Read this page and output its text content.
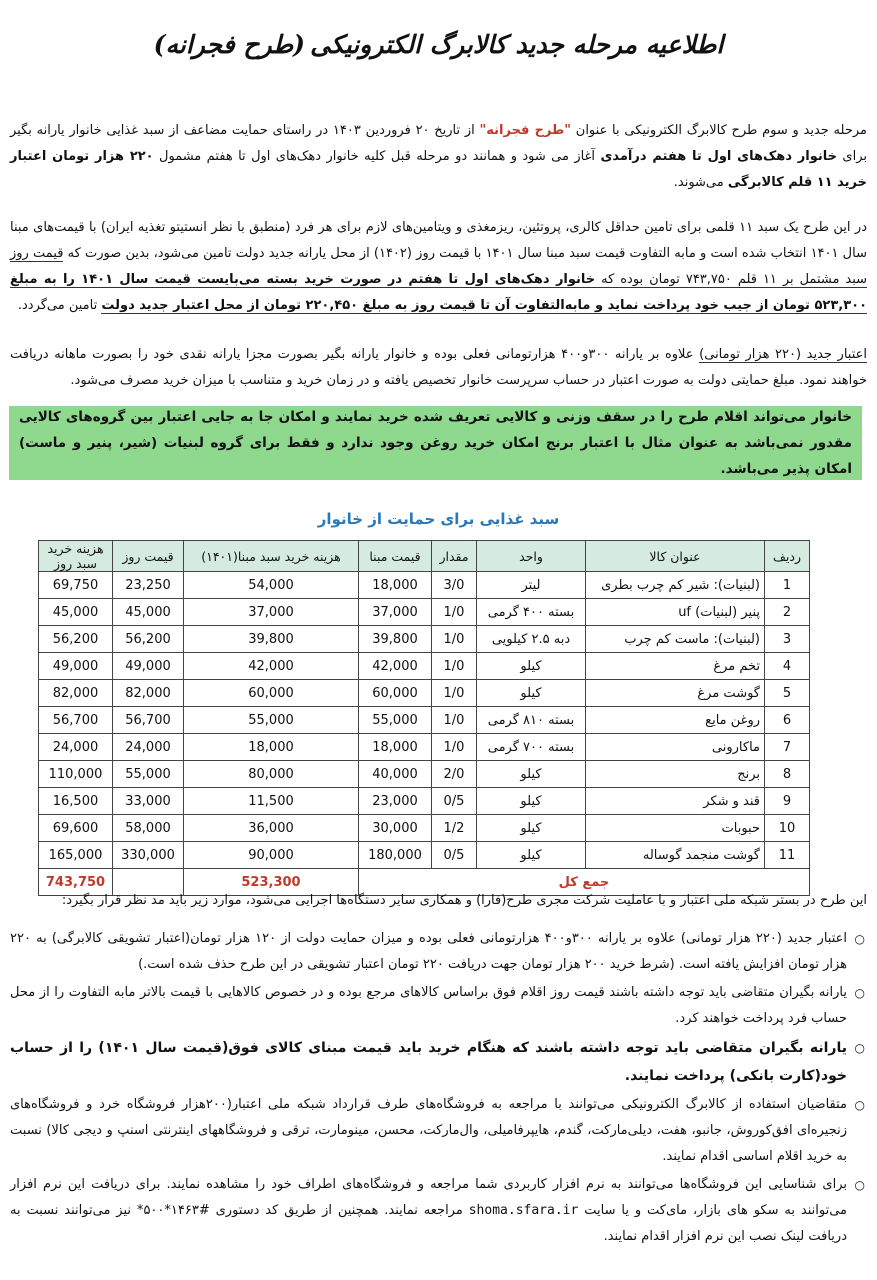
اطلاعیه مرحله جدید کالابرگ الکترونیکی (طرح فجرانه)
مرحله جدید و سوم طرح کالابرگ الکترونیکی با عنوان "طرح فجرانه" از تاریخ ۲۰ فروردین ۱۴۰۳ در راستای حمایت مضاعف از سبد غذایی خانوار یارانه بگیر برای خانوار دهک‌های اول تا هفتم درآمدی آغاز می شود و همانند دو مرحله قبل کلیه خانوار دهک‌های اول تا هفتم مشمول ۲۲۰ هزار تومان اعتبار خرید ۱۱ قلم کالابرگی می‌شوند.
در این طرح یک سبد ۱۱ قلمی برای تامین حداقل کالری، پروتئین، ریزمغذی و ویتامین‌های لازم برای هر فرد (منطبق با نظر انستیتو تغذیه ایران) با قیمت‌های مبنا سال ۱۴۰۱ انتخاب شده است و مابه التفاوت قیمت سبد مبنا سال ۱۴۰۱ با قیمت روز (۱۴۰۲) از محل یارانه جدید دولت تامین می‌شود، بدین صورت که قیمت روز سبد مشتمل بر ۱۱ قلم ۷۴۳,۷۵۰ تومان بوده که خانوار دهک‌های اول تا هفتم در صورت خرید بسته می‌بایست قیمت سال ۱۴۰۱ را به مبلغ ۵۲۳,۳۰۰ تومان از جیب خود پرداخت نماید و مابه‌التفاوت آن تا قیمت روز به مبلغ ۲۲۰,۴۵۰ تومان از محل اعتبار جدید دولت تامین می‌گردد.
اعتبار جدید (۲۲۰ هزار تومانی) علاوه بر یارانه ۳۰۰و۴۰۰ هزارتومانی فعلی بوده و خانوار یارانه بگیر بصورت مجزا یارانه نقدی خود را بصورت ماهانه دریافت خواهند نمود. مبلغ حمایتی دولت به صورت اعتبار در حساب سرپرست خانوار تخصیص یافته و در زمان خرید و متناسب با میزان خرید مصرف می‌شود.
خانوار می‌تواند اقلام طرح را در سقف وزنی و کالایی تعریف شده خرید نمایند و امکان جا به جایی اعتبار بین گروه‌های کالایی مقدور نمی‌باشد به عنوان مثال با اعتبار برنج امکان خرید روغن وجود ندارد و فقط برای گروه لبنیات (شیر، پنیر و ماست) امکان پذیر می‌باشد.
سبد غذایی برای حمایت از خانوار
ردیف	عنوان کالا	واحد	مقدار	قیمت مبنا	هزینه خرید سبد مبنا(۱۴۰۱)	قیمت روز	هزینه خرید سبد روز
1	(لبنیات): شیر کم چرب بطری	لیتر	3/0	18,000	54,000	23,250	69,750
2	پنیر (لبنیات) uf	بسته ۴۰۰ گرمی	1/0	37,000	37,000	45,000	45,000
3	(لبنیات): ماست کم چرب	دبه ۲.۵ کیلویی	1/0	39,800	39,800	56,200	56,200
4	تخم مرغ	کیلو	1/0	42,000	42,000	49,000	49,000
5	گوشت مرغ	کیلو	1/0	60,000	60,000	82,000	82,000
6	روغن مایع	بسته ۸۱۰ گرمی	1/0	55,000	55,000	56,700	56,700
7	ماکارونی	بسته ۷۰۰ گرمی	1/0	18,000	18,000	24,000	24,000
8	برنج	کیلو	2/0	40,000	80,000	55,000	110,000
9	قند و شکر	کیلو	0/5	23,000	11,500	33,000	16,500
10	حبوبات	کیلو	1/2	30,000	36,000	58,000	69,600
11	گوشت منجمد گوساله	کیلو	0/5	180,000	90,000	330,000	165,000
جمع کل					523,300		743,750
این طرح در بستر شبکه ملی اعتبار و با عاملیت شرکت مجری طرح(فارا) و همکاری سایر دستگاه‌ها اجرایی می‌شود، موارد زیر باید مد نظر قرار بگیرد:
○
اعتبار جدید (۲۲۰ هزار تومانی) علاوه بر یارانه ۳۰۰و۴۰۰ هزارتومانی فعلی بوده و میزان حمایت دولت از ۱۲۰ هزار تومان(اعتبار تشویقی کالابرگی) به ۲۲۰ هزار تومان افزایش یافته است. (شرط خرید ۲۰۰ هزار تومان جهت دریافت ۲۲۰ تومان اعتبار تشویقی در این طرح حذف شده است.)
○
یارانه بگیران متقاضی باید توجه داشته باشند قیمت روز اقلام فوق براساس کالاهای مرجع بوده و در خصوص کالاهایی با قیمت بالاتر مابه التفاوت را از محل حساب فرد پرداخت خواهند کرد.
○
یارانه بگیران متقاضی باید توجه داشته باشند که هنگام خرید باید قیمت مبنای کالای فوق(قیمت سال ۱۴۰۱) را از حساب خود(کارت بانکی) پرداخت نمایند.
○
متقاضیان استفاده از کالابرگ الکترونیکی می‌توانند با مراجعه به فروشگاه‌های طرف قرارداد شبکه ملی اعتبار(۲۰۰هزار فروشگاه خرد و فروشگاه‌های زنجیره‌ای افق‌کوروش، جانبو، هفت، دیلی‌مارکت، گندم، هایپرفامیلی، وال‌مارکت، محسن، مینومارت، ترقی و فروشگاههای اینترنتی اسنپ و دیجی کالا) نسبت به خرید اقلام اساسی اقدام نمایند.
○
برای شناسایی این فروشگاه‌ها می‌توانند به نرم افزار کاربردی شما مراجعه و فروشگاه‌های اطراف خود را مشاهده نمایند. برای دریافت این نرم افزار می‌توانند به سکو های بازار، مای‌کت و یا سایت shoma.sfara.ir مراجعه نمایند. همچنین از طریق کد دستوری #۱۴۶۳*۵۰۰* نیز می‌توانند نسبت به دریافت لینک نصب این نرم افزار اقدام نمایند.
